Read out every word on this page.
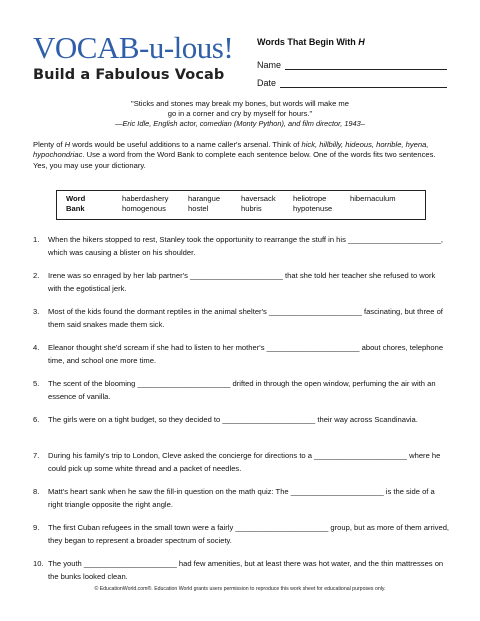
VOCAB-u-lous!
Build a Fabulous Vocab
Words That Begin With H
Name
Date
"Sticks and stones may break my bones, but words will make me
go in a corner and cry by myself for hours."
—Eric Idle, English actor, comedian (Monty Python), and film director, 1943–
Plenty of H words would be useful additions to a name caller's arsenal. Think of hick, hillbilly, hideous, horrible, hyena, hypochondriac. Use a word from the Word Bank to complete each sentence below. One of the words fits two sentences. Yes, you may use your dictionary.
Word
Bank
haberdashery	harangue	haversack heliotrope	hibernaculum
homogenous	hostel	hubris	hypotenuse
1. When the hikers stopped to rest, Stanley took the opportunity to rearrange the stuff in his ______________________, which was causing a blister on his shoulder.
2. Irene was so enraged by her lab partner's ______________________ that she told her teacher she refused to work with the egotistical jerk.
3. Most of the kids found the dormant reptiles in the animal shelter's ______________________ fascinating, but three of them said snakes made them sick.
4. Eleanor thought she'd scream if she had to listen to her mother's ______________________ about chores, telephone time, and school one more time.
5. The scent of the blooming ______________________ drifted in through the open window, perfuming the air with an essence of vanilla.
6. The girls were on a tight budget, so they decided to ______________________ their way across Scandinavia.
7. During his family's trip to London, Cleve asked the concierge for directions to a ______________________ where he could pick up some white thread and a packet of needles.
8. Matt's heart sank when he saw the fill-in question on the math quiz: The ______________________ is the side of a right triangle opposite the right angle.
9. The first Cuban refugees in the small town were a fairly ______________________ group, but as more of them arrived, they began to represent a broader spectrum of society.
10. The youth ______________________ had few amenities, but at least there was hot water, and the thin mattresses on the bunks looked clean.
© EducationWorld.com®. Education World grants users permission to reproduce this work sheet for educational purposes only.
